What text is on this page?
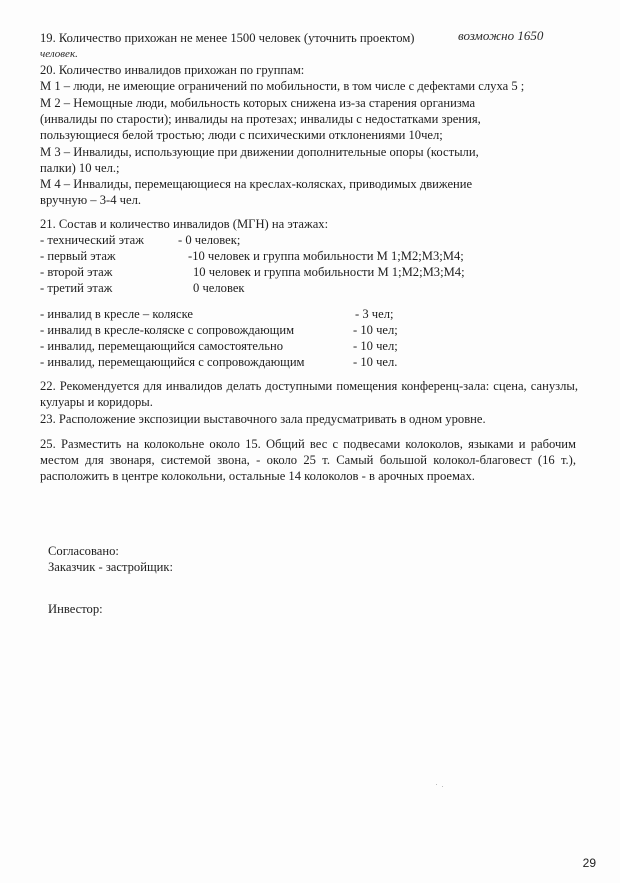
19. Количество прихожан не менее 1500 человек (уточнить проектом)	возможно 1650
человек.
20. Количество инвалидов прихожан по группам:
М 1 – люди, не имеющие ограничений по мобильности, в том числе с дефектами слуха 5 ;
М 2 – Немощные люди, мобильность которых снижена из-за старения организма
(инвалиды по старости); инвалиды на протезах; инвалиды с недостатками зрения,
пользующиеся белой тростью; люди с психическими отклонениями 10чел;
М 3 – Инвалиды, использующие при движении дополнительные опоры (костыли,
палки) 10 чел.;
М 4 – Инвалиды, перемещающиеся на креслах-колясках, приводимых движение
вручную – 3-4 чел.
21. Состав и количество инвалидов (МГН) на этажах:
- технический этаж	- 0 человек;
- первый этаж	-10 человек и группа мобильности М 1;М2;М3;М4;
- второй этаж	10 человек и группа мобильности М 1;М2;М3;М4;
- третий этаж	0 человек
- инвалид в кресле – коляске	- 3 чел;
- инвалид в кресле-коляске с сопровождающим	- 10 чел;
- инвалид, перемещающийся самостоятельно	- 10 чел;
- инвалид, перемещающийся с сопровождающим	- 10 чел.
22. Рекомендуется для инвалидов делать доступными помещения конференц-зала: сцена, санузлы, кулуары и коридоры.
23. Расположение экспозиции выставочного зала предусматривать в одном уровне.
25. Разместить на колокольне около 15. Общий вес с подвесами колоколов, языками и рабочим местом для звонаря, системой звона, - около 25 т. Самый большой колокол-благовест (16 т.), расположить в центре колокольни, остальные 14 колоколов - в арочных проемах.
Согласовано:
Заказчик - застройщик:
Инвестор:
29
